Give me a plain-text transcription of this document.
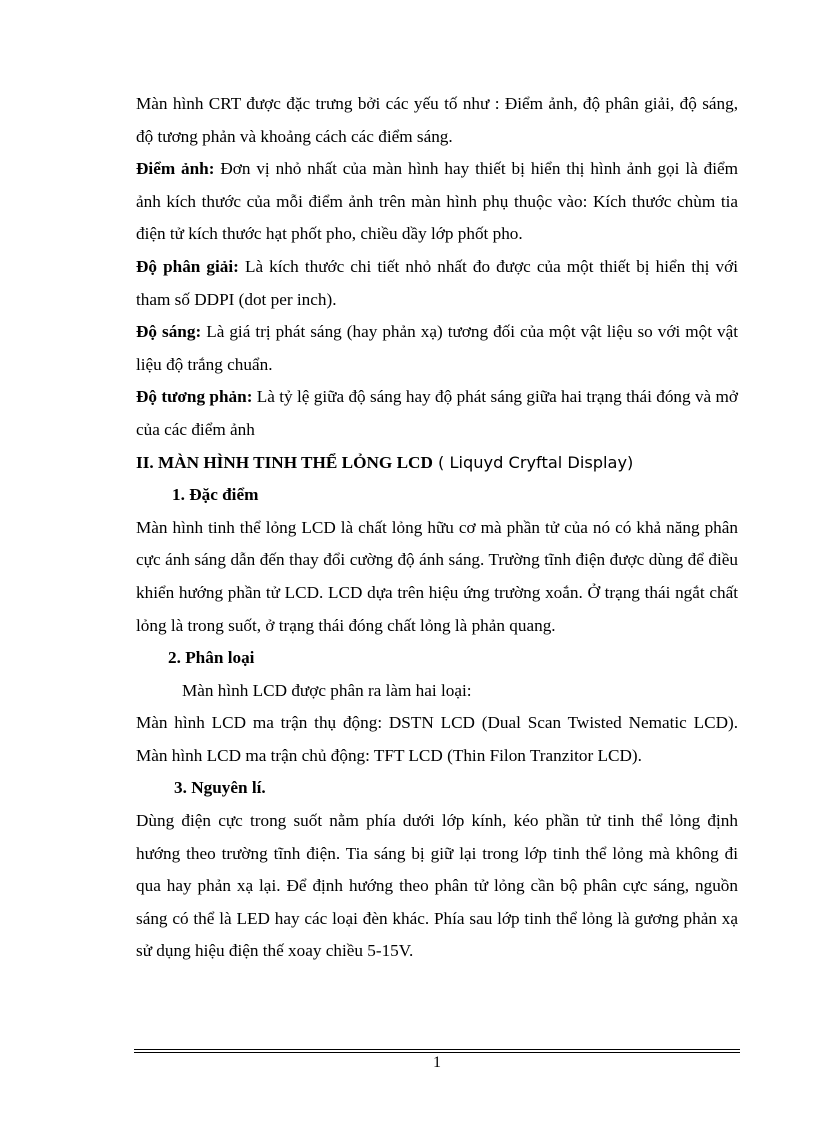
Màn hình CRT được đặc trưng bởi các yếu tố như : Điểm ảnh, độ phân giải, độ sáng, độ tương phản và khoảng cách các điểm sáng.

Điểm ảnh: Đơn vị nhỏ nhất của màn hình hay thiết bị hiển thị hình ảnh gọi là điểm ảnh kích thước của mỗi điểm ảnh trên màn hình phụ thuộc vào: Kích thước chùm tia điện tử kích thước hạt phốt pho, chiều dầy lớp phốt pho.

Độ phân giải: Là kích thước chi tiết nhỏ nhất đo được của một thiết bị hiển thị với tham số DDPI (dot per inch).

Độ sáng: Là giá trị phát sáng (hay phản xạ) tương đối của một vật liệu so với một vật liệu độ trắng chuẩn.

Độ tương phản: Là tỷ lệ giữa độ sáng hay độ phát sáng giữa hai trạng thái đóng và mở của các điểm ảnh

II. MÀN HÌNH TINH THỂ LỎNG LCD ( Liquyd Cryftal Display)

1. Đặc điểm

Màn hình tinh thể lỏng LCD là chất lỏng hữu cơ mà phần tử của nó có khả năng phân cực ánh sáng dẫn đến thay đổi cường độ ánh sáng. Trường tĩnh điện được dùng để điều khiển hướng phần tử LCD. LCD dựa trên hiệu ứng trường xoắn. Ở trạng thái ngắt chất lỏng là trong suốt, ở trạng thái đóng chất lỏng là phản quang.

2. Phân loại

Màn hình LCD được phân ra làm hai loại:

Màn hình LCD ma trận thụ động: DSTN LCD (Dual Scan Twisted Nematic LCD). Màn hình LCD ma trận chủ động: TFT LCD (Thin Filon Tranzitor LCD).

3. Nguyên lí.

Dùng điện cực trong suốt nằm phía dưới lớp kính, kéo phần tử tinh thể lỏng định hướng theo trường tĩnh điện. Tia sáng bị giữ lại trong lớp tinh thể lỏng mà không đi qua hay phản xạ lại. Để định hướng theo phân tử lỏng cần bộ phân cực sáng, nguồn sáng có thể là LED hay các loại đèn khác. Phía sau lớp tinh thể lỏng là gương phản xạ sử dụng hiệu điện thế xoay chiều 5-15V.

1
